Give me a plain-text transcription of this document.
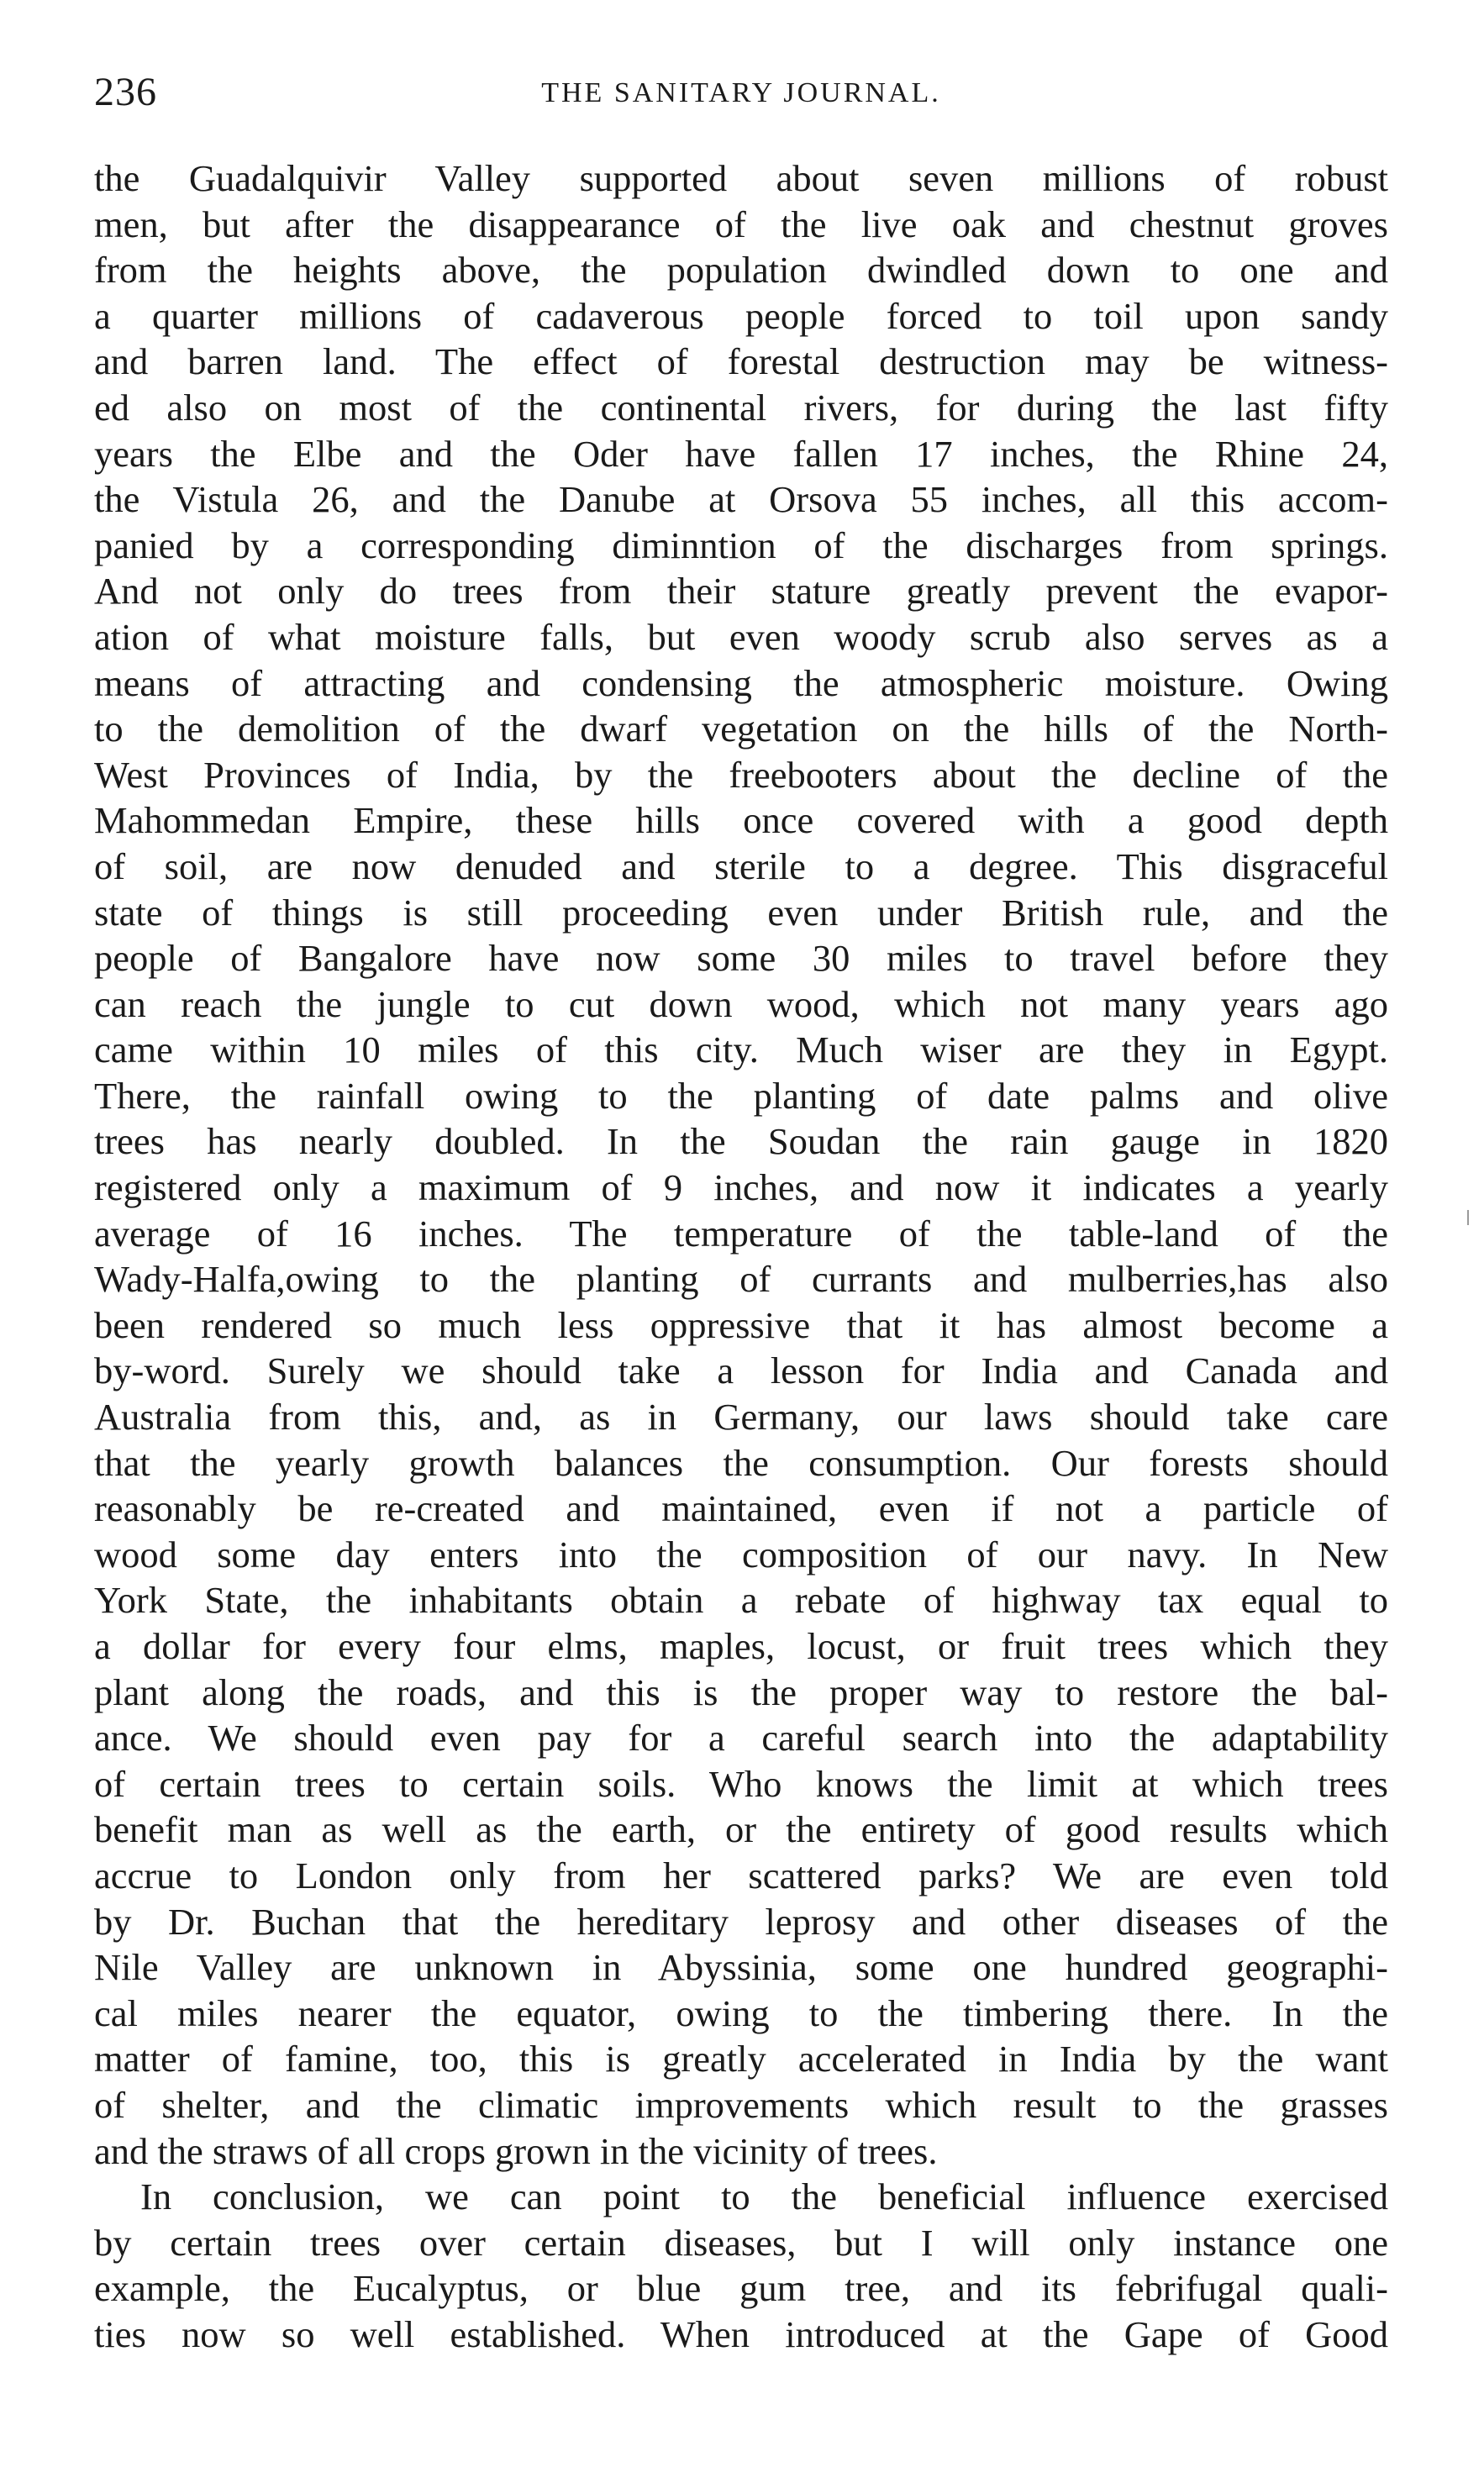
236	THE SANITARY JOURNAL.
the Guadalquivir Valley supported about seven millions of robust
men, but after the disappearance of the live oak and chestnut groves
from the heights above, the population dwindled down to one and
a quarter millions of cadaverous people forced to toil upon sandy
and barren land. The effect of forestal destruction may be witness-
ed also on most of the continental rivers, for during the last fifty
years the Elbe and the Oder have fallen 17 inches, the Rhine 24,
the Vistula 26, and the Danube at Orsova 55 inches, all this accom-
panied by a corresponding diminntion of the discharges from springs.
And not only do trees from their stature greatly prevent the evapor-
ation of what moisture falls, but even woody scrub also serves as a
means of attracting and condensing the atmospheric moisture. Owing
to the demolition of the dwarf vegetation on the hills of the North-
West Provinces of India, by the freebooters about the decline of the
Mahommedan Empire, these hills once covered with a good depth
of soil, are now denuded and sterile to a degree. This disgraceful
state of things is still proceeding even under British rule, and the
people of Bangalore have now some 30 miles to travel before they
can reach the jungle to cut down wood, which not many years ago
came within 10 miles of this city. Much wiser are they in Egypt.
There, the rainfall owing to the planting of date palms and olive
trees has nearly doubled. In the Soudan the rain gauge in 1820
registered only a maximum of 9 inches, and now it indicates a yearly
average of 16 inches. The temperature of the table-land of the
Wady-Halfa,owing to the planting of currants and mulberries,has also
been rendered so much less oppressive that it has almost become a
by-word. Surely we should take a lesson for India and Canada and
Australia from this, and, as in Germany, our laws should take care
that the yearly growth balances the consumption. Our forests should
reasonably be re-created and maintained, even if not a particle of
wood some day enters into the composition of our navy. In New
York State, the inhabitants obtain a rebate of highway tax equal to
a dollar for every four elms, maples, locust, or fruit trees which they
plant along the roads, and this is the proper way to restore the bal-
ance. We should even pay for a careful search into the adaptability
of certain trees to certain soils. Who knows the limit at which trees
benefit man as well as the earth, or the entirety of good results which
accrue to London only from her scattered parks? We are even told
by Dr. Buchan that the hereditary leprosy and other diseases of the
Nile Valley are unknown in Abyssinia, some one hundred geographi-
cal miles nearer the equator, owing to the timbering there. In the
matter of famine, too, this is greatly accelerated in India by the want
of shelter, and the climatic improvements which result to the grasses
and the straws of all crops grown in the vicinity of trees.
In conclusion, we can point to the beneficial influence exercised
by certain trees over certain diseases, but I will only instance one
example, the Eucalyptus, or blue gum tree, and its febrifugal quali-
ties now so well established. When introduced at the Gape of Good
